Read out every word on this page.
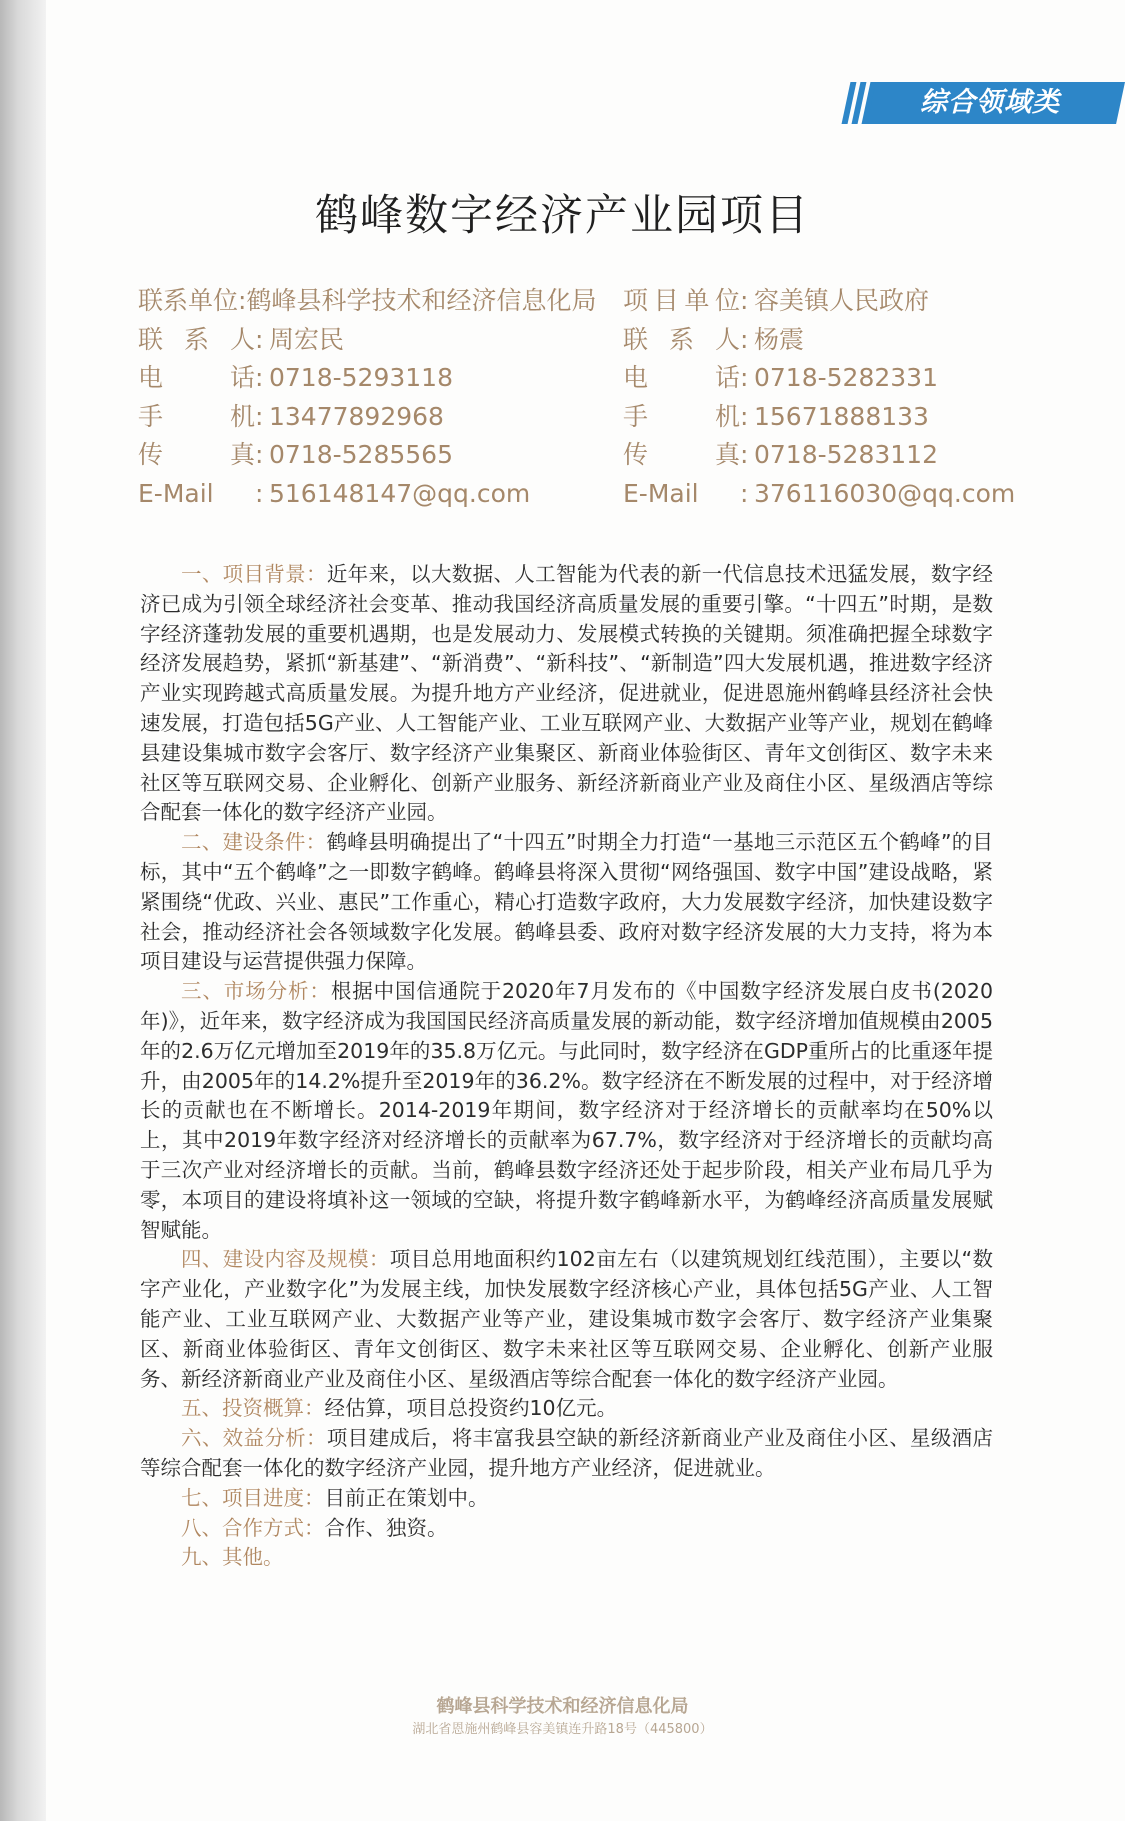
综合领域类
鹤峰数字经济产业园项目
联系单位 : 鹤峰县科学技术和经济信息化局
联系人 : 周宏民
电话 : 0718-5293118
手机 : 13477892968
传真 : 0718-5285565
E-Mail	: 516148147@qq.com
项目单位 : 容美镇人民政府
联系人 : 杨震
电话 : 0718-5282331
手机 : 15671888133
传真 : 0718-5283112
E-Mail	: 376116030@qq.com

一、项目背景：近年来，以大数据、人工智能为代表的新一代信息技术迅猛发展，数字经济已成为引领全球经济社会变革、推动我国经济高质量发展的重要引擎。“十四五”时期，是数字经济蓬勃发展的重要机遇期，也是发展动力、发展模式转换的关键期。须准确把握全球数字经济发展趋势，紧抓“新基建”、“新消费”、“新科技”、“新制造”四大发展机遇，推进数字经济产业实现跨越式高质量发展。为提升地方产业经济，促进就业，促进恩施州鹤峰县经济社会快速发展，打造包括5G产业、人工智能产业、工业互联网产业、大数据产业等产业，规划在鹤峰县建设集城市数字会客厅、数字经济产业集聚区、新商业体验街区、青年文创街区、数字未来社区等互联网交易、企业孵化、创新产业服务、新经济新商业产业及商住小区、星级酒店等综合配套一体化的数字经济产业园。

二、建设条件：鹤峰县明确提出了“十四五”时期全力打造“一基地三示范区五个鹤峰”的目标，其中“五个鹤峰”之一即数字鹤峰。鹤峰县将深入贯彻“网络强国、数字中国”建设战略，紧紧围绕“优政、兴业、惠民”工作重心，精心打造数字政府，大力发展数字经济，加快建设数字社会，推动经济社会各领域数字化发展。鹤峰县委、政府对数字经济发展的大力支持，将为本项目建设与运营提供强力保障。

三、市场分析：根据中国信通院于2020年7月发布的《中国数字经济发展白皮书(2020年)》，近年来，数字经济成为我国国民经济高质量发展的新动能，数字经济增加值规模由2005年的2.6万亿元增加至2019年的35.8万亿元。与此同时，数字经济在GDP重所占的比重逐年提升，由2005年的14.2%提升至2019年的36.2%。数字经济在不断发展的过程中，对于经济增长的贡献也在不断增长。2014-2019年期间，数字经济对于经济增长的贡献率均在50%以上，其中2019年数字经济对经济增长的贡献率为67.7%，数字经济对于经济增长的贡献均高于三次产业对经济增长的贡献。当前，鹤峰县数字经济还处于起步阶段，相关产业布局几乎为零，本项目的建设将填补这一领域的空缺，将提升数字鹤峰新水平，为鹤峰经济高质量发展赋智赋能。

四、建设内容及规模：项目总用地面积约102亩左右（以建筑规划红线范围），主要以“数字产业化，产业数字化”为发展主线，加快发展数字经济核心产业，具体包括5G产业、人工智能产业、工业互联网产业、大数据产业等产业，建设集城市数字会客厅、数字经济产业集聚区、新商业体验街区、青年文创街区、数字未来社区等互联网交易、企业孵化、创新产业服务、新经济新商业产业及商住小区、星级酒店等综合配套一体化的数字经济产业园。

五、投资概算：经估算，项目总投资约10亿元。

六、效益分析：项目建成后，将丰富我县空缺的新经济新商业产业及商住小区、星级酒店等综合配套一体化的数字经济产业园，提升地方产业经济，促进就业。

七、项目进度：目前正在策划中。

八、合作方式：合作、独资。

九、其他。

鹤峰县科学技术和经济信息化局
湖北省恩施州鹤峰县容美镇连升路18号（445800）
